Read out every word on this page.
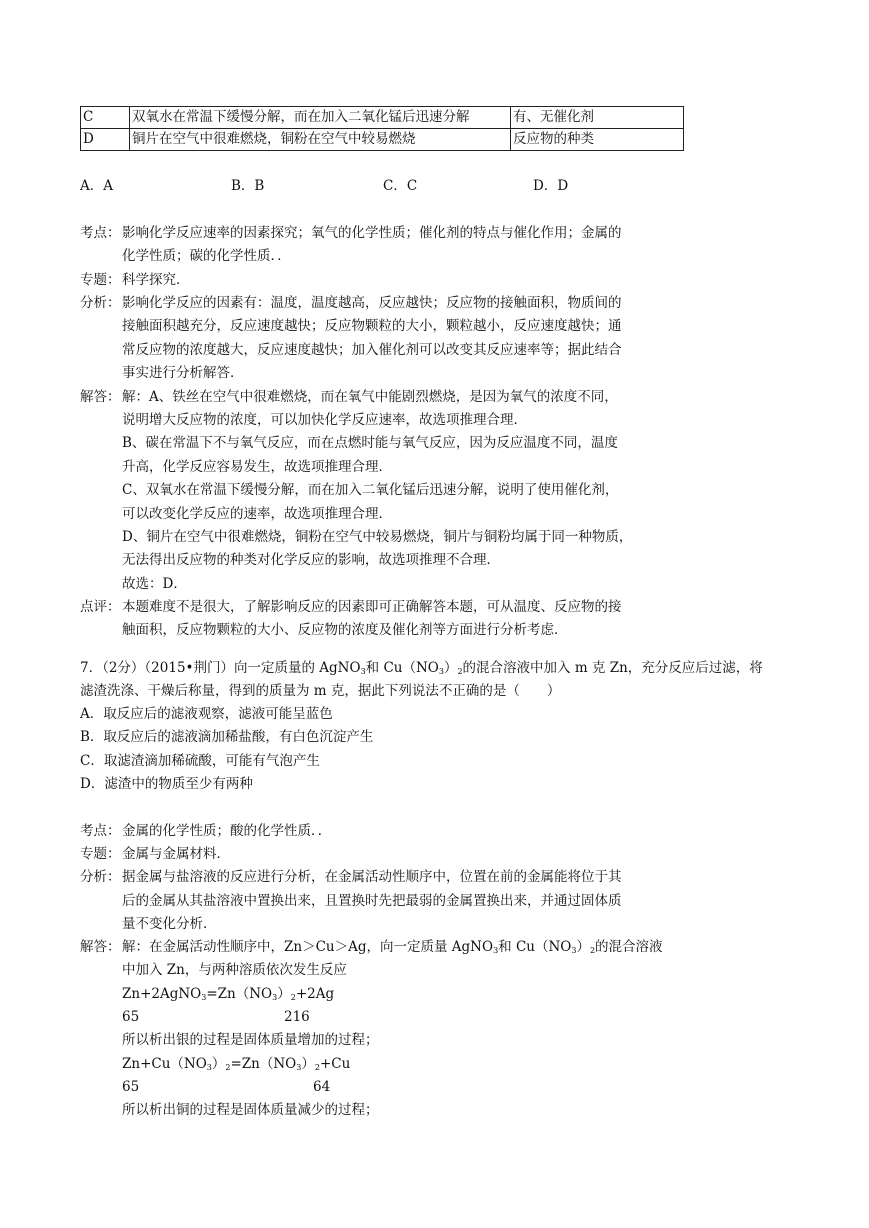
C	双氧水在常温下缓慢分解，而在加入二氧化锰后迅速分解	有、无催化剂
D	铜片在空气中很难燃烧，铜粉在空气中较易燃烧	反应物的种类
A．A	B．B	C．C	D．D
考点： 影响化学反应速率的因素探究；氧气的化学性质；催化剂的特点与催化作用；金属的
化学性质；碳的化学性质．．
专题： 科学探究．
分析： 影响化学反应的因素有：温度，温度越高，反应越快；反应物的接触面积，物质间的
接触面积越充分，反应速度越快；反应物颗粒的大小，颗粒越小，反应速度越快；通
常反应物的浓度越大，反应速度越快；加入催化剂可以改变其反应速率等；据此结合
事实进行分析解答．
解答： 解：A、铁丝在空气中很难燃烧，而在氧气中能剧烈燃烧，是因为氧气的浓度不同，
说明增大反应物的浓度，可以加快化学反应速率，故选项推理合理．
B、碳在常温下不与氧气反应，而在点燃时能与氧气反应，因为反应温度不同，温度
升高，化学反应容易发生，故选项推理合理．
C、双氧水在常温下缓慢分解，而在加入二氧化锰后迅速分解，说明了使用催化剂，
可以改变化学反应的速率，故选项推理合理．
D、铜片在空气中很难燃烧，铜粉在空气中较易燃烧，铜片与铜粉均属于同一种物质，
无法得出反应物的种类对化学反应的影响，故选项推理不合理．
故选：D．
点评： 本题难度不是很大，了解影响反应的因素即可正确解答本题，可从温度、反应物的接
触面积，反应物颗粒的大小、反应物的浓度及催化剂等方面进行分析考虑．
7．（2分）（2015•荆门）向一定质量的 AgNO$_3$和 $Cu(NO_3)_2$的混合溶液中加入 m 克 Zn，充分反应后过滤，将
滤渣洗涤、干燥后称量，得到的质量为 m 克，据此下列说法不正确的是（　　）
A．取反应后的滤液观察，滤液可能呈蓝色
B．取反应后的滤液滴加稀盐酸，有白色沉淀产生
C．取滤渣滴加稀硫酸，可能有气泡产生
D．滤渣中的物质至少有两种
考点： 金属的化学性质；酸的化学性质．．
专题： 金属与金属材料．
分析： 据金属与盐溶液的反应进行分析，在金属活动性顺序中，位置在前的金属能将位于其
后的金属从其盐溶液中置换出来，且置换时先把最弱的金属置换出来，并通过固体质
量不变化分析．
解答： 解：在金属活动性顺序中，Zn＞Cu＞Ag，向一定质量 AgNO$_3$和 $Cu(NO_3)_2$的混合溶液
中加入 Zn，与两种溶质依次发生反应
$Zn+2AgNO_3=Zn(NO_3)_2+2Ag$
65	216
所以析出银的过程是固体质量增加的过程；
$Zn+Cu(NO_3)_2=Zn(NO_3)_2+Cu$
65	64
所以析出铜的过程是固体质量减少的过程；
